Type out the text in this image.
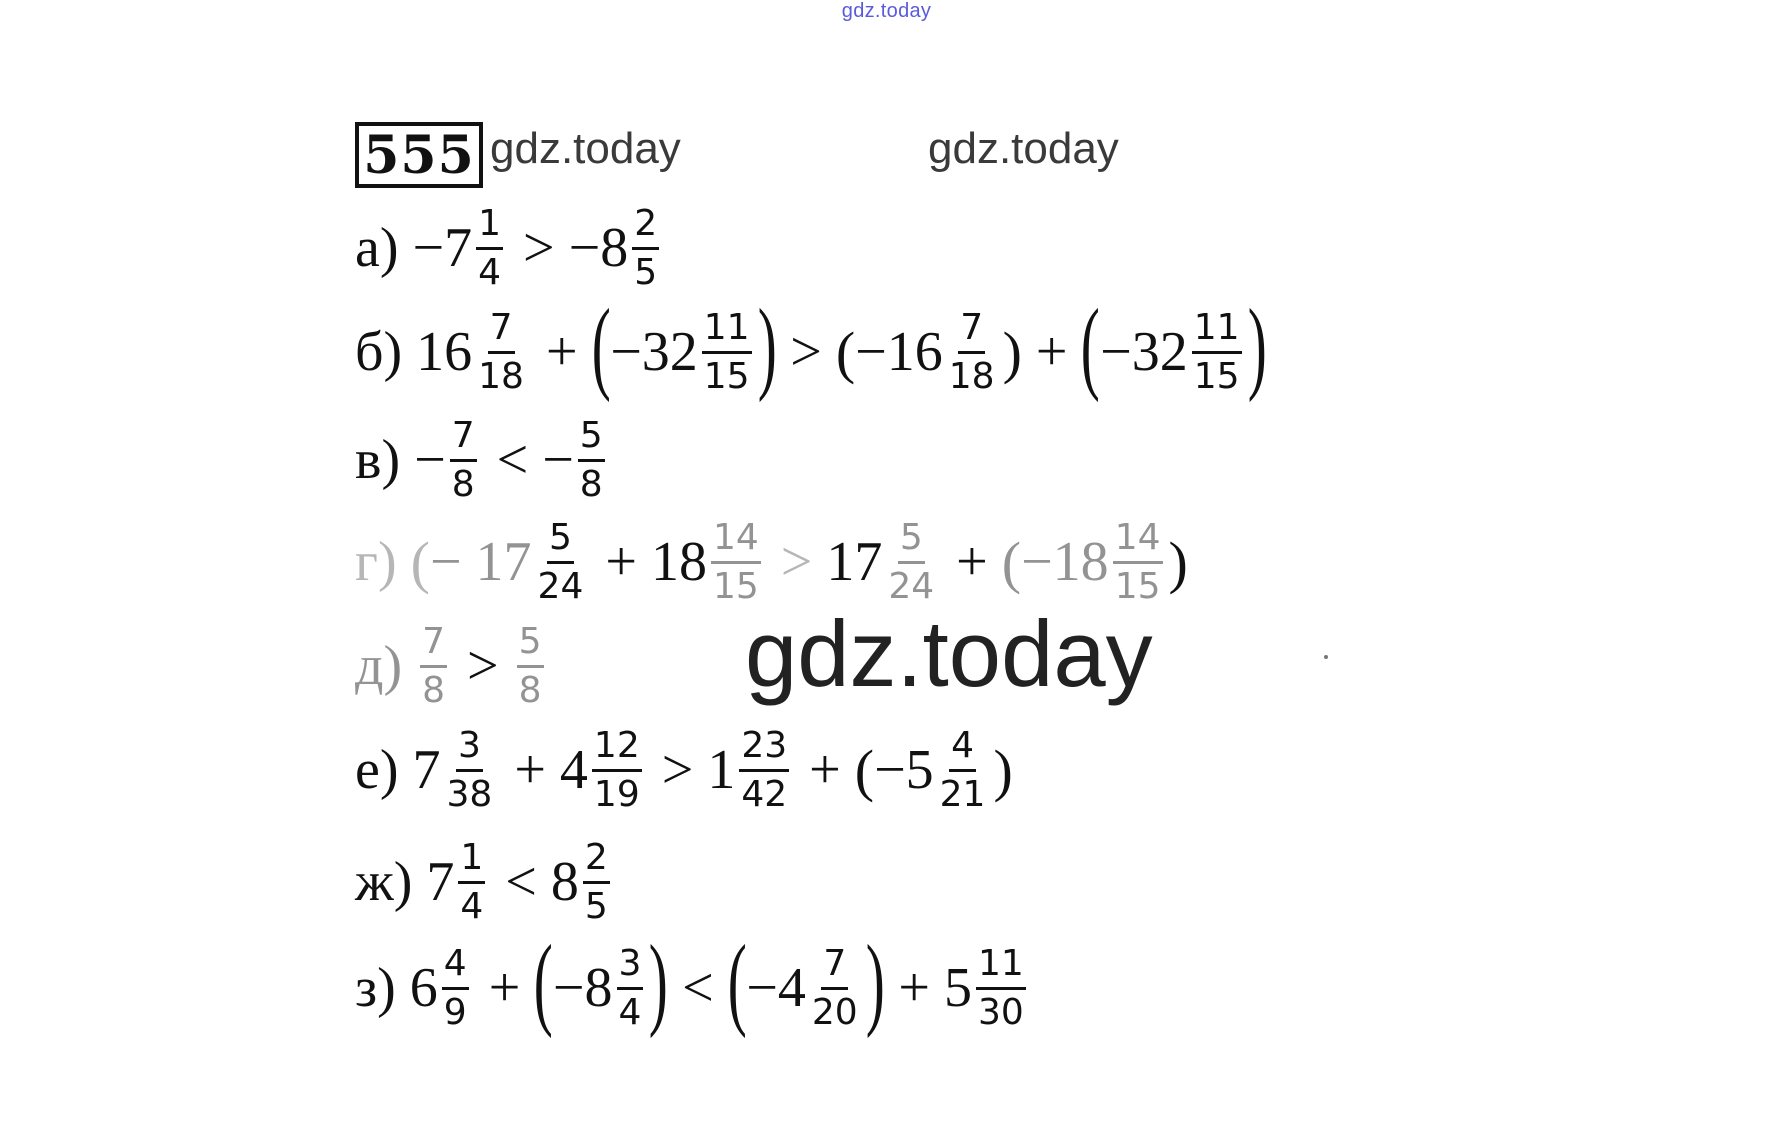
gdz.today
555 gdz.today	gdz.today
gdz.today
$а) -7 \frac{1}{4} > -8 \frac{2}{5}$
б) $16 \frac{7}{18}$ + ( $-32 \frac{11}{15}$ ) > ( $-16 \frac{7}{18}$ ) + ( $-32 \frac{11}{15}$ )
$в) - \frac{7}{8}$ < − $\frac{5}{8}$
г) ( − $17 \frac{5}{24} + 18 \frac{14}{15} > 17 \frac{5}{24}$ + ( $-18 \frac{14}{15}$ )
$д) \frac{7}{8} > \frac{5}{8}$
е) $7 \frac{3}{38} + 4 \frac{12}{19} > 1 \frac{23}{42}$ + ( $-5 \frac{4}{21}$ )
ж) $7 \frac{1}{4} < 8 \frac{2}{5}$
з) $6 \frac{4}{9}$ + ( $-8 \frac{3}{4}$ ) < ( $-4 \frac{7}{20}$ ) + $5 \frac{11}{30}$
